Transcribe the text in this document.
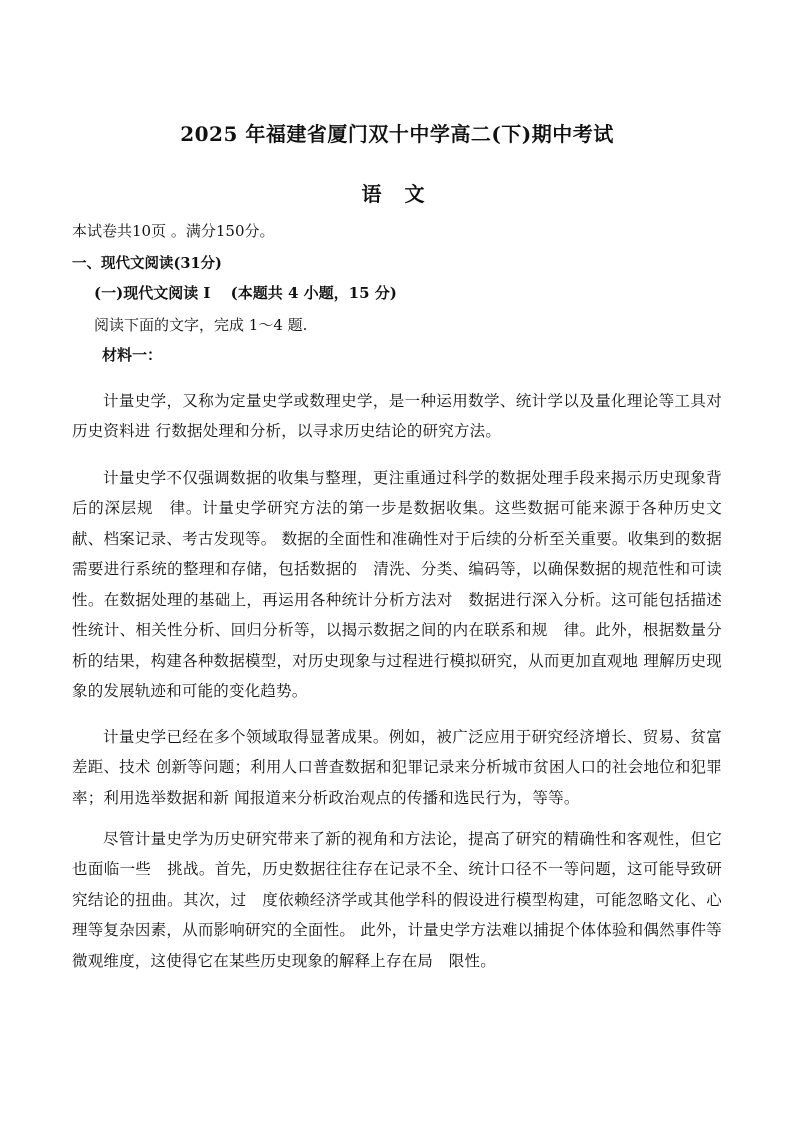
2025 年福建省厦门双十中学高二(下)期中考试
语 文
本试卷共10页 。满分150分。
一、现代文阅读(31分)
(一)现代文阅读 I　 (本题共 4 小题，15 分)
阅读下面的文字，完成 1～4 题.
材料一：

计量史学，又称为定量史学或数理史学，是一种运用数学、统计学以及量化理论等工具对历史资料进 行数据处理和分析，以寻求历史结论的研究方法。

计量史学不仅强调数据的收集与整理，更注重通过科学的数据处理手段来揭示历史现象背后的深层规　律。计量史学研究方法的第一步是数据收集。这些数据可能来源于各种历史文献、档案记录、考古发现等。 数据的全面性和准确性对于后续的分析至关重要。收集到的数据需要进行系统的整理和存储，包括数据的　清洗、分类、编码等，以确保数据的规范性和可读性。在数据处理的基础上，再运用各种统计分析方法对　数据进行深入分析。这可能包括描述性统计、相关性分析、回归分析等，以揭示数据之间的内在联系和规　律。此外，根据数量分析的结果，构建各种数据模型，对历史现象与过程进行模拟研究，从而更加直观地 理解历史现象的发展轨迹和可能的变化趋势。

计量史学已经在多个领域取得显著成果。例如，被广泛应用于研究经济增长、贸易、贫富差距、技术 创新等问题；利用人口普查数据和犯罪记录来分析城市贫困人口的社会地位和犯罪率；利用选举数据和新 闻报道来分析政治观点的传播和选民行为，等等。

尽管计量史学为历史研究带来了新的视角和方法论，提高了研究的精确性和客观性，但它也面临一些　挑战。首先，历史数据往往存在记录不全、统计口径不一等问题，这可能导致研究结论的扭曲。其次，过　度依赖经济学或其他学科的假设进行模型构建，可能忽略文化、心理等复杂因素，从而影响研究的全面性。 此外，计量史学方法难以捕捉个体体验和偶然事件等微观维度，这使得它在某些历史现象的解释上存在局　限性。
